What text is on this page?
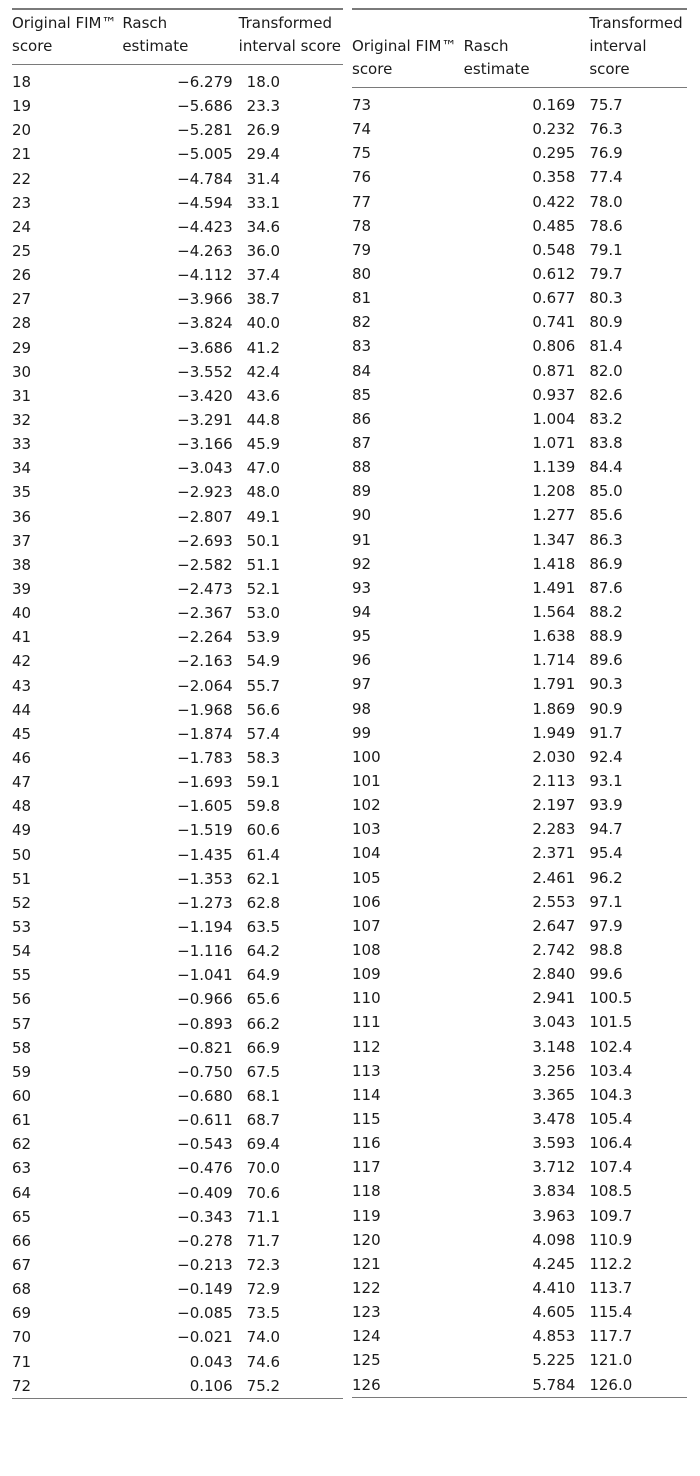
Original FIM™ score	Rasch estimate	Transformed interval score
18	−6.279	18.0
19	−5.686	23.3
20	−5.281	26.9
21	−5.005	29.4
22	−4.784	31.4
23	−4.594	33.1
24	−4.423	34.6
25	−4.263	36.0
26	−4.112	37.4
27	−3.966	38.7
28	−3.824	40.0
29	−3.686	41.2
30	−3.552	42.4
31	−3.420	43.6
32	−3.291	44.8
33	−3.166	45.9
34	−3.043	47.0
35	−2.923	48.0
36	−2.807	49.1
37	−2.693	50.1
38	−2.582	51.1
39	−2.473	52.1
40	−2.367	53.0
41	−2.264	53.9
42	−2.163	54.9
43	−2.064	55.7
44	−1.968	56.6
45	−1.874	57.4
46	−1.783	58.3
47	−1.693	59.1
48	−1.605	59.8
49	−1.519	60.6
50	−1.435	61.4
51	−1.353	62.1
52	−1.273	62.8
53	−1.194	63.5
54	−1.116	64.2
55	−1.041	64.9
56	−0.966	65.6
57	−0.893	66.2
58	−0.821	66.9
59	−0.750	67.5
60	−0.680	68.1
61	−0.611	68.7
62	−0.543	69.4
63	−0.476	70.0
64	−0.409	70.6
65	−0.343	71.1
66	−0.278	71.7
67	−0.213	72.3
68	−0.149	72.9
69	−0.085	73.5
70	−0.021	74.0
71	0.043	74.6
72	0.106	75.2

Original FIM™ score	Rasch estimate	Transformed interval score
73	0.169	75.7
74	0.232	76.3
75	0.295	76.9
76	0.358	77.4
77	0.422	78.0
78	0.485	78.6
79	0.548	79.1
80	0.612	79.7
81	0.677	80.3
82	0.741	80.9
83	0.806	81.4
84	0.871	82.0
85	0.937	82.6
86	1.004	83.2
87	1.071	83.8
88	1.139	84.4
89	1.208	85.0
90	1.277	85.6
91	1.347	86.3
92	1.418	86.9
93	1.491	87.6
94	1.564	88.2
95	1.638	88.9
96	1.714	89.6
97	1.791	90.3
98	1.869	90.9
99	1.949	91.7
100	2.030	92.4
101	2.113	93.1
102	2.197	93.9
103	2.283	94.7
104	2.371	95.4
105	2.461	96.2
106	2.553	97.1
107	2.647	97.9
108	2.742	98.8
109	2.840	99.6
110	2.941	100.5
111	3.043	101.5
112	3.148	102.4
113	3.256	103.4
114	3.365	104.3
115	3.478	105.4
116	3.593	106.4
117	3.712	107.4
118	3.834	108.5
119	3.963	109.7
120	4.098	110.9
121	4.245	112.2
122	4.410	113.7
123	4.605	115.4
124	4.853	117.7
125	5.225	121.0
126	5.784	126.0
